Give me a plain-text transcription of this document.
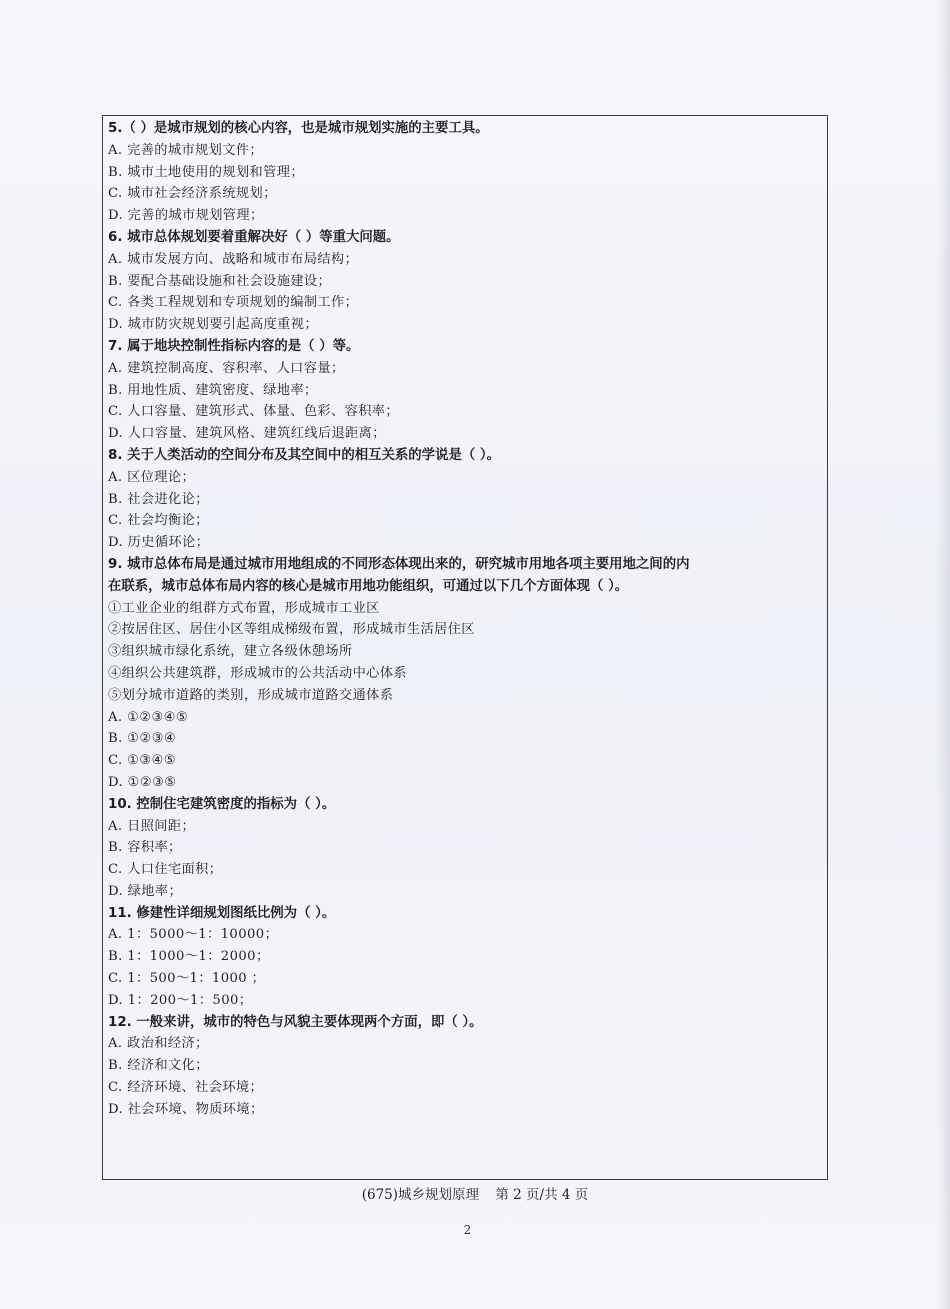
5.（ ）是城市规划的核心内容，也是城市规划实施的主要工具。
A. 完善的城市规划文件；
B. 城市土地使用的规划和管理；
C. 城市社会经济系统规划；
D. 完善的城市规划管理；
6. 城市总体规划要着重解决好（ ）等重大问题。
A. 城市发展方向、战略和城市布局结构；
B. 要配合基础设施和社会设施建设；
C. 各类工程规划和专项规划的编制工作；
D. 城市防灾规划要引起高度重视；
7. 属于地块控制性指标内容的是（ ）等。
A. 建筑控制高度、容积率、人口容量；
B. 用地性质、建筑密度、绿地率；
C. 人口容量、建筑形式、体量、色彩、容积率；
D. 人口容量、建筑风格、建筑红线后退距离；
8. 关于人类活动的空间分布及其空间中的相互关系的学说是（ ）。
A. 区位理论；
B. 社会进化论；
C. 社会均衡论；
D. 历史循环论；
9. 城市总体布局是通过城市用地组成的不同形态体现出来的，研究城市用地各项主要用地之间的内
在联系，城市总体布局内容的核心是城市用地功能组织，可通过以下几个方面体现（ ）。
①工业企业的组群方式布置，形成城市工业区
②按居住区、居住小区等组成梯级布置，形成城市生活居住区
③组织城市绿化系统，建立各级休憩场所
④组织公共建筑群，形成城市的公共活动中心体系
⑤划分城市道路的类别，形成城市道路交通体系
A. ①②③④⑤
B. ①②③④
C. ①③④⑤
D. ①②③⑤
10. 控制住宅建筑密度的指标为（ ）。
A. 日照间距；
B. 容积率；
C. 人口住宅面积；
D. 绿地率；
11. 修建性详细规划图纸比例为（ ）。
A. 1：5000～1：10000；
B. 1：1000～1：2000；
C. 1：500～1：1000 ；
D. 1：200～1：500；
12. 一般来讲，城市的特色与风貌主要体现两个方面，即（ ）。
A. 政治和经济；
B. 经济和文化；
C. 经济环境、社会环境；
D. 社会环境、物质环境；
(675)城乡规划原理 第 2 页/共 4 页
2
